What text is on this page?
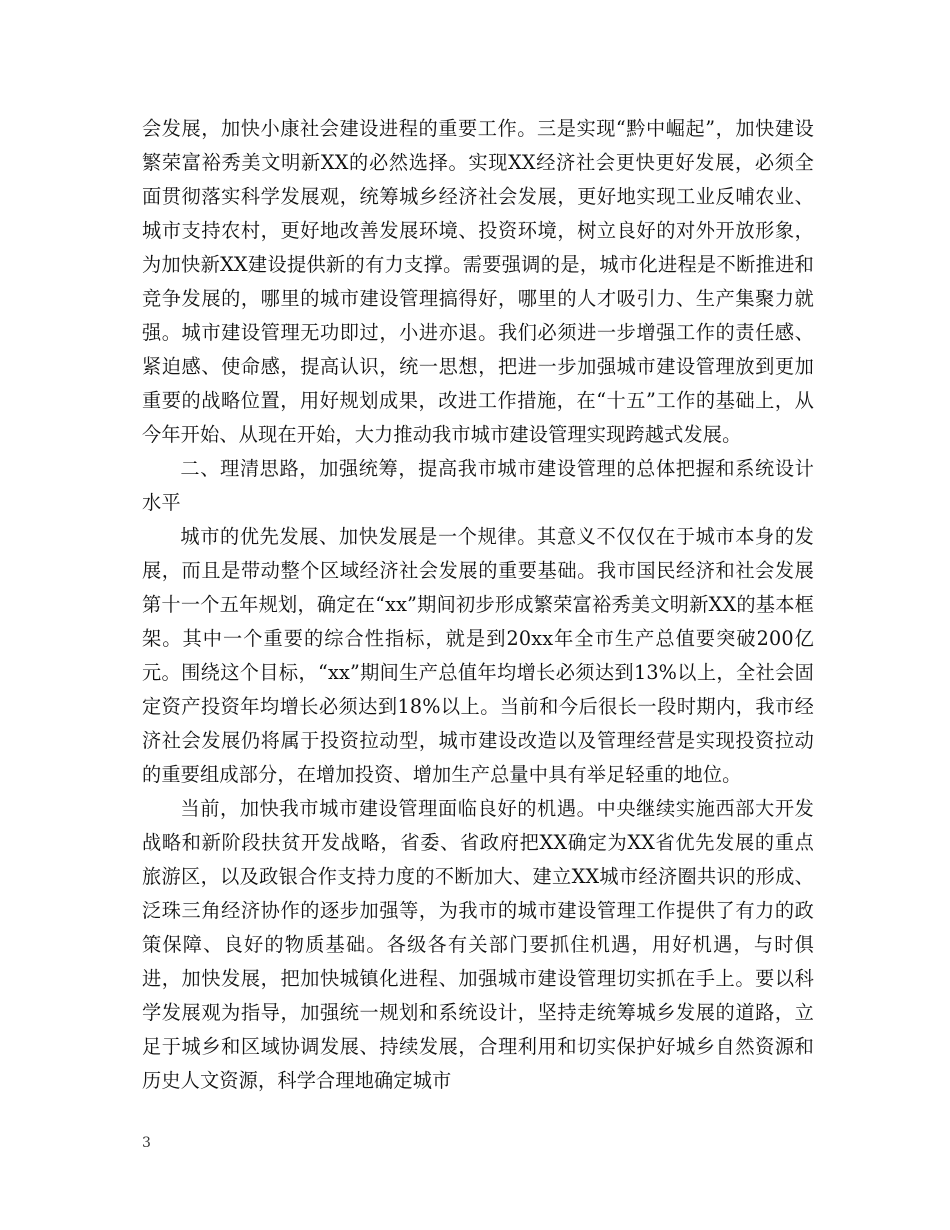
会发展，加快小康社会建设进程的重要工作。三是实现“黔中崛起”，加快建设繁荣富裕秀美文明新XX的必然选择。实现XX经济社会更快更好发展，必须全面贯彻落实科学发展观，统筹城乡经济社会发展，更好地实现工业反哺农业、城市支持农村，更好地改善发展环境、投资环境，树立良好的对外开放形象，为加快新XX建设提供新的有力支撑。需要强调的是，城市化进程是不断推进和竞争发展的，哪里的城市建设管理搞得好，哪里的人才吸引力、生产集聚力就强。城市建设管理无功即过，小进亦退。我们必须进一步增强工作的责任感、紧迫感、使命感，提高认识，统一思想，把进一步加强城市建设管理放到更加重要的战略位置，用好规划成果，改进工作措施，在“十五”工作的基础上，从今年开始、从现在开始，大力推动我市城市建设管理实现跨越式发展。

二、理清思路，加强统筹，提高我市城市建设管理的总体把握和系统设计水平

城市的优先发展、加快发展是一个规律。其意义不仅仅在于城市本身的发展，而且是带动整个区域经济社会发展的重要基础。我市国民经济和社会发展第十一个五年规划，确定在“xx”期间初步形成繁荣富裕秀美文明新XX的基本框架。其中一个重要的综合性指标，就是到20xx年全市生产总值要突破200亿元。围绕这个目标，“xx”期间生产总值年均增长必须达到13%以上，全社会固定资产投资年均增长必须达到18%以上。当前和今后很长一段时期内，我市经济社会发展仍将属于投资拉动型，城市建设改造以及管理经营是实现投资拉动的重要组成部分，在增加投资、增加生产总量中具有举足轻重的地位。

当前，加快我市城市建设管理面临良好的机遇。中央继续实施西部大开发战略和新阶段扶贫开发战略，省委、省政府把XX确定为XX省优先发展的重点旅游区，以及政银合作支持力度的不断加大、建立XX城市经济圈共识的形成、泛珠三角经济协作的逐步加强等，为我市的城市建设管理工作提供了有力的政策保障、良好的物质基础。各级各有关部门要抓住机遇，用好机遇，与时俱进，加快发展，把加快城镇化进程、加强城市建设管理切实抓在手上。要以科学发展观为指导，加强统一规划和系统设计，坚持走统筹城乡发展的道路，立足于城乡和区域协调发展、持续发展，合理利用和切实保护好城乡自然资源和历史人文资源，科学合理地确定城市

3
